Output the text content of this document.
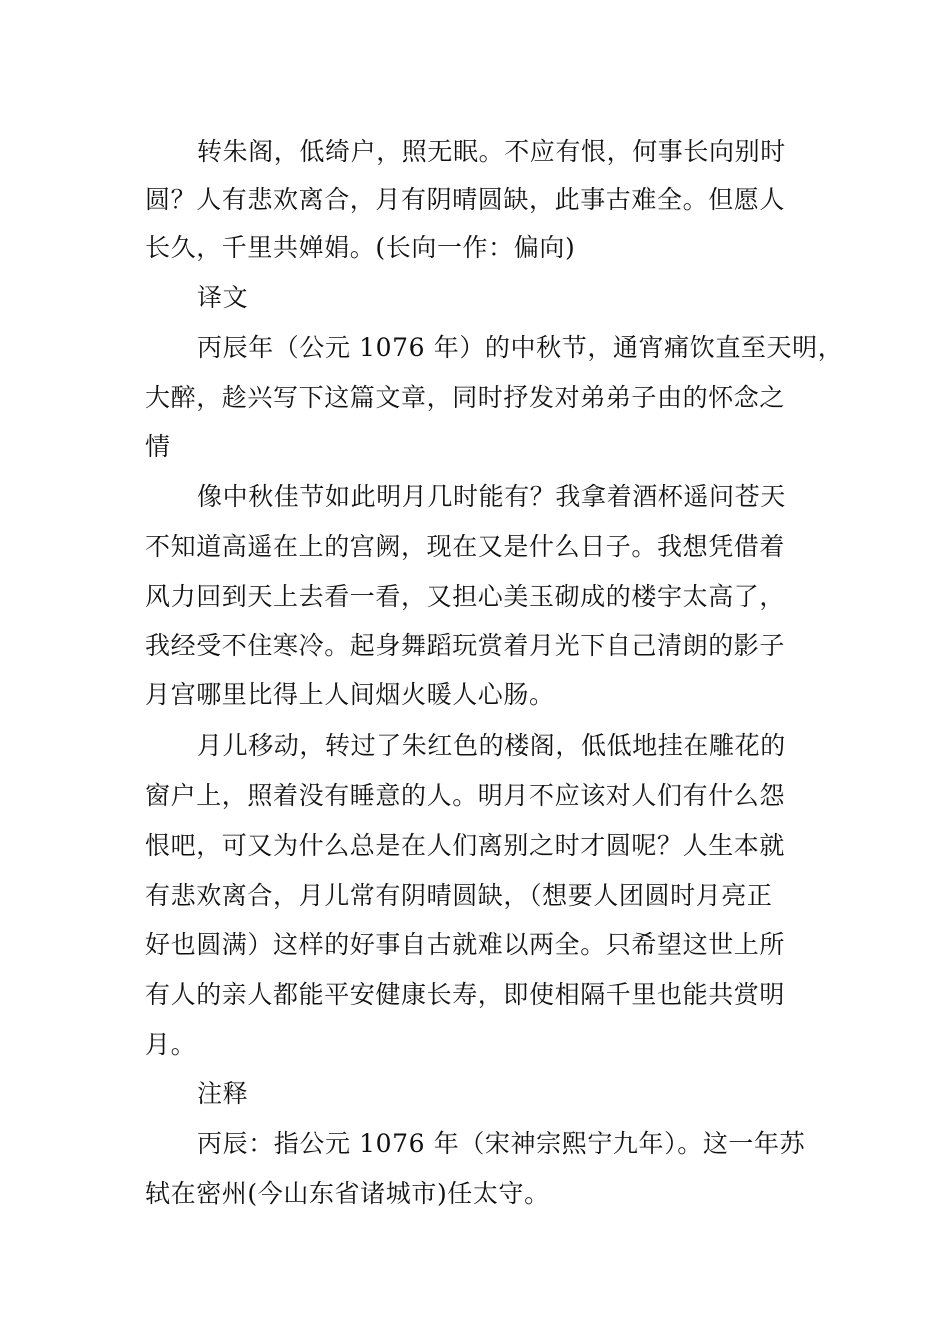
转朱阁，低绮户，照无眠。不应有恨，何事长向别时
圆？人有悲欢离合，月有阴晴圆缺，此事古难全。但愿人
长久，千里共婵娟。(长向一作：偏向)
译文
丙辰年（公元 1076 年）的中秋节，通宵痛饮直至天明，
大醉，趁兴写下这篇文章，同时抒发对弟弟子由的怀念之
情
像中秋佳节如此明月几时能有？我拿着酒杯遥问苍天
不知道高遥在上的宫阙，现在又是什么日子。我想凭借着
风力回到天上去看一看，又担心美玉砌成的楼宇太高了，
我经受不住寒冷。起身舞蹈玩赏着月光下自己清朗的影子
月宫哪里比得上人间烟火暖人心肠。
月儿移动，转过了朱红色的楼阁，低低地挂在雕花的
窗户上，照着没有睡意的人。明月不应该对人们有什么怨
恨吧，可又为什么总是在人们离别之时才圆呢？人生本就
有悲欢离合，月儿常有阴晴圆缺，（想要人团圆时月亮正
好也圆满）这样的好事自古就难以两全。只希望这世上所
有人的亲人都能平安健康长寿，即使相隔千里也能共赏明
月。
注释
丙辰：指公元 1076 年（宋神宗熙宁九年）。这一年苏
轼在密州(今山东省诸城市)任太守。
